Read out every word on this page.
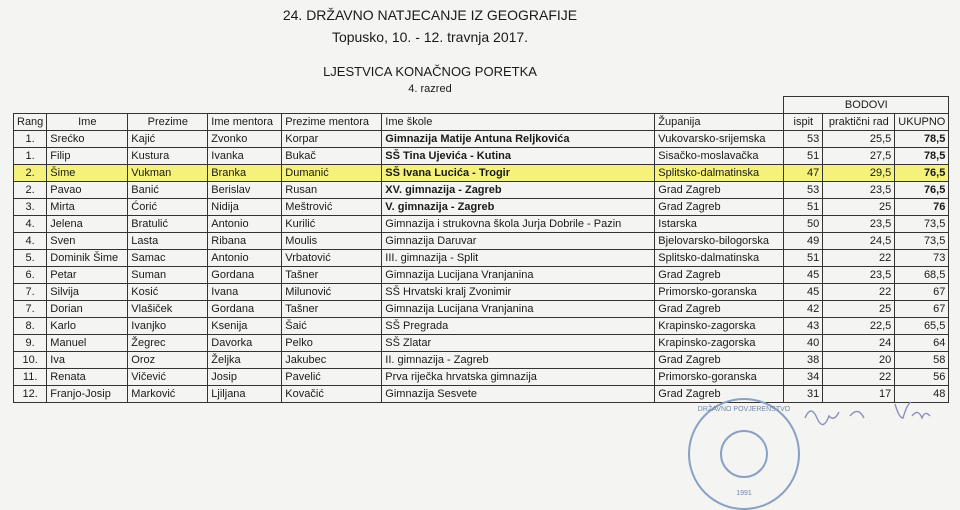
24. DRŽAVNO NATJECANJE IZ GEOGRAFIJE
Topusko, 10. - 12. travnja 2017.
LJESTVICA KONAČNOG PORETKA
4. razred
							BODOVI		
Rang	Ime	Prezime	Ime mentora	Prezime mentora	Ime škole	Županija	ispit	praktični rad	UKUPNO
1.	Srećko	Kajić	Zvonko	Korpar	Gimnazija Matije Antuna Reljkovića	Vukovarsko-srijemska	53	25,5	78,5
1.	Filip	Kustura	Ivanka	Bukač	SŠ Tina Ujevića - Kutina	Sisačko-moslavačka	51	27,5	78,5
2.	Šime	Vukman	Branka	Dumanić	SŠ Ivana Lucića - Trogir	Splitsko-dalmatinska	47	29,5	76,5
2.	Pavao	Banić	Berislav	Rusan	XV. gimnazija - Zagreb	Grad Zagreb	53	23,5	76,5
3.	Mirta	Ćorić	Nidija	Meštrović	V. gimnazija - Zagreb	Grad Zagreb	51	25	76
4.	Jelena	Bratulić	Antonio	Kurilić	Gimnazija i strukovna škola Jurja Dobrile - Pazin	Istarska	50	23,5	73,5
4.	Sven	Lasta	Ribana	Moulis	Gimnazija Daruvar	Bjelovarsko-bilogorska	49	24,5	73,5
5.	Dominik Šime	Samac	Antonio	Vrbatović	III. gimnazija - Split	Splitsko-dalmatinska	51	22	73
6.	Petar	Suman	Gordana	Tašner	Gimnazija Lucijana Vranjanina	Grad Zagreb	45	23,5	68,5
7.	Silvija	Kosić	Ivana	Milunović	SŠ Hrvatski kralj Zvonimir	Primorsko-goranska	45	22	67
7.	Dorian	Vlašiček	Gordana	Tašner	Gimnazija Lucijana Vranjanina	Grad Zagreb	42	25	67
8.	Karlo	Ivanjko	Ksenija	Šaić	SŠ Pregrada	Krapinsko-zagorska	43	22,5	65,5
9.	Manuel	Žegrec	Davorka	Pelko	SŠ Zlatar	Krapinsko-zagorska	40	24	64
10.	Iva	Oroz	Željka	Jakubec	II. gimnazija - Zagreb	Grad Zagreb	38	20	58
11.	Renata	Vičević	Josip	Pavelić	Prva riječka hrvatska gimnazija	Primorsko-goranska	34	22	56
12.	Franjo-Josip	Marković	Ljiljana	Kovačić	Gimnazija Sesvete	Grad Zagreb	31	17	48
DRŽAVNO POVJERENSTVO
1991
